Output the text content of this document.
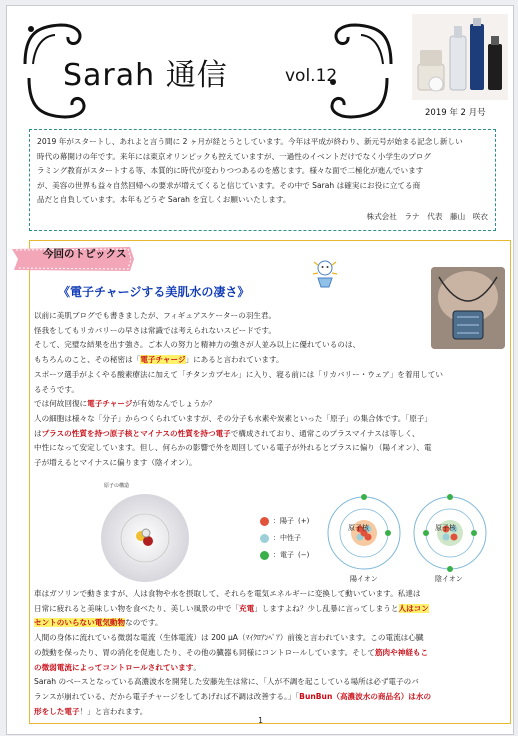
Sarah 通信	vol.12
2019 年 2 月号

2019 年がスタートし、あれよと言う間に 2 ヶ月が経とうとしています。今年は平成が終わり、新元号が始まる記念し新しい

時代の幕開けの年です。来年には東京オリンピックも控えていますが、一過性のイベントだけでなく小学生のプログ

ラミング教育がスタートする等、本質的に時代が変わりつつあるのを感じます。様々な面で二極化が進んでいます

が、美容の世界も益々自然回帰への要求が増えてくると信じています。その中で Sarah は確実にお役に立てる商

品だと自負しています。本年もどうぞ Sarah を宜しくお願いいたします。

株式会社　ラナ　代表　藤山　咲衣

今回のトピックス
《電子チャージする美肌水の凄さ》

以前に美肌ブログでも書きましたが、フィギュアスケーターの羽生君。

怪我をしてもリカバリーの早さは常識では考えられないスピードです。

そして、完璧な結果を出す強さ。ご本人の努力と精神力の強さが人並み以上に優れているのは、

もちろんのこと、その秘密は「電子チャージ」にあると言われています。

スポーツ選手がよくやる酸素療法に加えて「チタンカプセル」に入り、寝る前には「リカバリー・ウェア」を着用してい

るそうです。

では何故回復に電子チャージが有効なんでしょうか？

人の細胞は様々な「分子」からつくられていますが、その分子も水素や炭素といった「原子」の集合体です。「原子」

はプラスの性質を持つ原子核とマイナスの性質を持つ電子で構成されており、通常このプラスマイナスは等しく、

中性になって安定しています。但し、何らかの影響で外を周回している電子が外れるとプラスに偏り（陽イオン）、電

子が増えるとマイナスに偏ります（陰イオン）。

原子の構造
：陽子 (+)
：中性子
：電子 (−)
原子核	原子核
陽イオン	陰イオン

車はガソリンで動きますが、人は食物や水を摂取して、それらを電気エネルギーに変換して動いています。私達は

日常に疲れると美味しい物を食べたり、美しい風景の中で「充電」しますよね？少し乱暴に言ってしまうと人はコン

セントのいらない電気動物なのです。

人間の身体に流れている微弱な電流（生体電流）は 200 μA（ﾏｲｸﾛｱﾝﾍﾟｱ）前後と言われています。この電流は心臓

の鼓動を保ったり、胃の消化を促進したり、その他の臓器も同様にコントロールしています。そして筋肉や神経もこ

の微弱電流によってコントロールされています。

Sarah のベースとなっている高濃波水を開発した安藤先生は常に、「人が不調を起こしている場所は必ず電子のバ

ランスが崩れている、だから電子チャージをしてあげれば不調は改善する。」「BunBun（高濃波水の商品名）は水の

形をした電子！」と言われます。

1
